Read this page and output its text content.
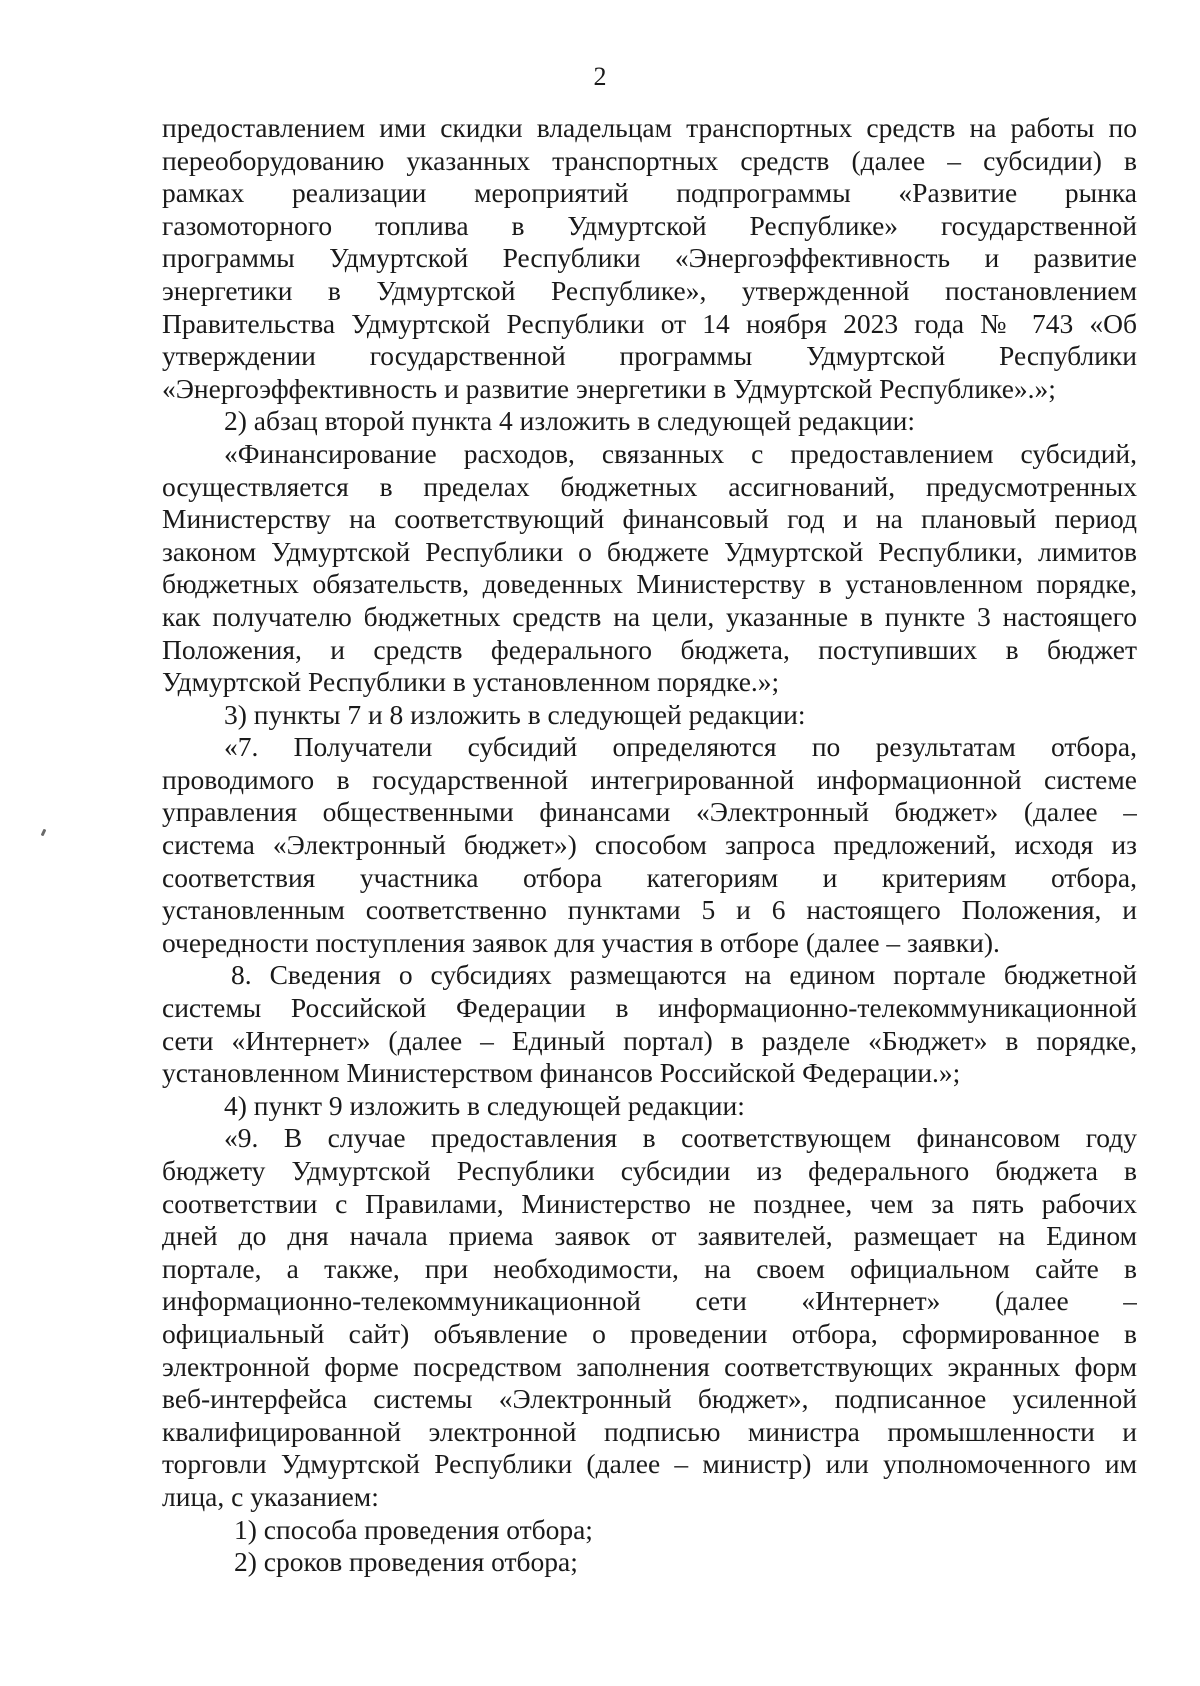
2
предоставлением ими скидки владельцам транспортных средств на работы по
переоборудованию указанных транспортных средств (далее – субсидии) в
рамках реализации мероприятий подпрограммы «Развитие рынка
газомоторного топлива в Удмуртской Республике» государственной
программы Удмуртской Республики «Энергоэффективность и развитие
энергетики в Удмуртской Республике», утвержденной постановлением
Правительства Удмуртской Республики от 14 ноября 2023 года № 743 «Об
утверждении государственной программы Удмуртской Республики
«Энергоэффективность и развитие энергетики в Удмуртской Республике».»;
2) абзац второй пункта 4 изложить в следующей редакции:
«Финансирование расходов, связанных с предоставлением субсидий,
осуществляется в пределах бюджетных ассигнований, предусмотренных
Министерству на соответствующий финансовый год и на плановый период
законом Удмуртской Республики о бюджете Удмуртской Республики, лимитов
бюджетных обязательств, доведенных Министерству в установленном порядке,
как получателю бюджетных средств на цели, указанные в пункте 3 настоящего
Положения, и средств федерального бюджета, поступивших в бюджет
Удмуртской Республики в установленном порядке.»;
3) пункты 7 и 8 изложить в следующей редакции:
«7. Получатели субсидий определяются по результатам отбора,
проводимого в государственной интегрированной информационной системе
управления общественными финансами «Электронный бюджет» (далее –
система «Электронный бюджет») способом запроса предложений, исходя из
соответствия участника отбора категориям и критериям отбора,
установленным соответственно пунктами 5 и 6 настоящего Положения, и
очередности поступления заявок для участия в отборе (далее – заявки).
8. Сведения о субсидиях размещаются на едином портале бюджетной
системы Российской Федерации в информационно-телекоммуникационной
сети «Интернет» (далее – Единый портал) в разделе «Бюджет» в порядке,
установленном Министерством финансов Российской Федерации.»;
4) пункт 9 изложить в следующей редакции:
«9. В случае предоставления в соответствующем финансовом году
бюджету Удмуртской Республики субсидии из федерального бюджета в
соответствии с Правилами, Министерство не позднее, чем за пять рабочих
дней до дня начала приема заявок от заявителей, размещает на Едином
портале, а также, при необходимости, на своем официальном сайте в
информационно-телекоммуникационной сети «Интернет» (далее –
официальный сайт) объявление о проведении отбора, сформированное в
электронной форме посредством заполнения соответствующих экранных форм
веб-интерфейса системы «Электронный бюджет», подписанное усиленной
квалифицированной электронной подписью министра промышленности и
торговли Удмуртской Республики (далее – министр) или уполномоченного им
лица, с указанием:
1) способа проведения отбора;
2) сроков проведения отбора;
